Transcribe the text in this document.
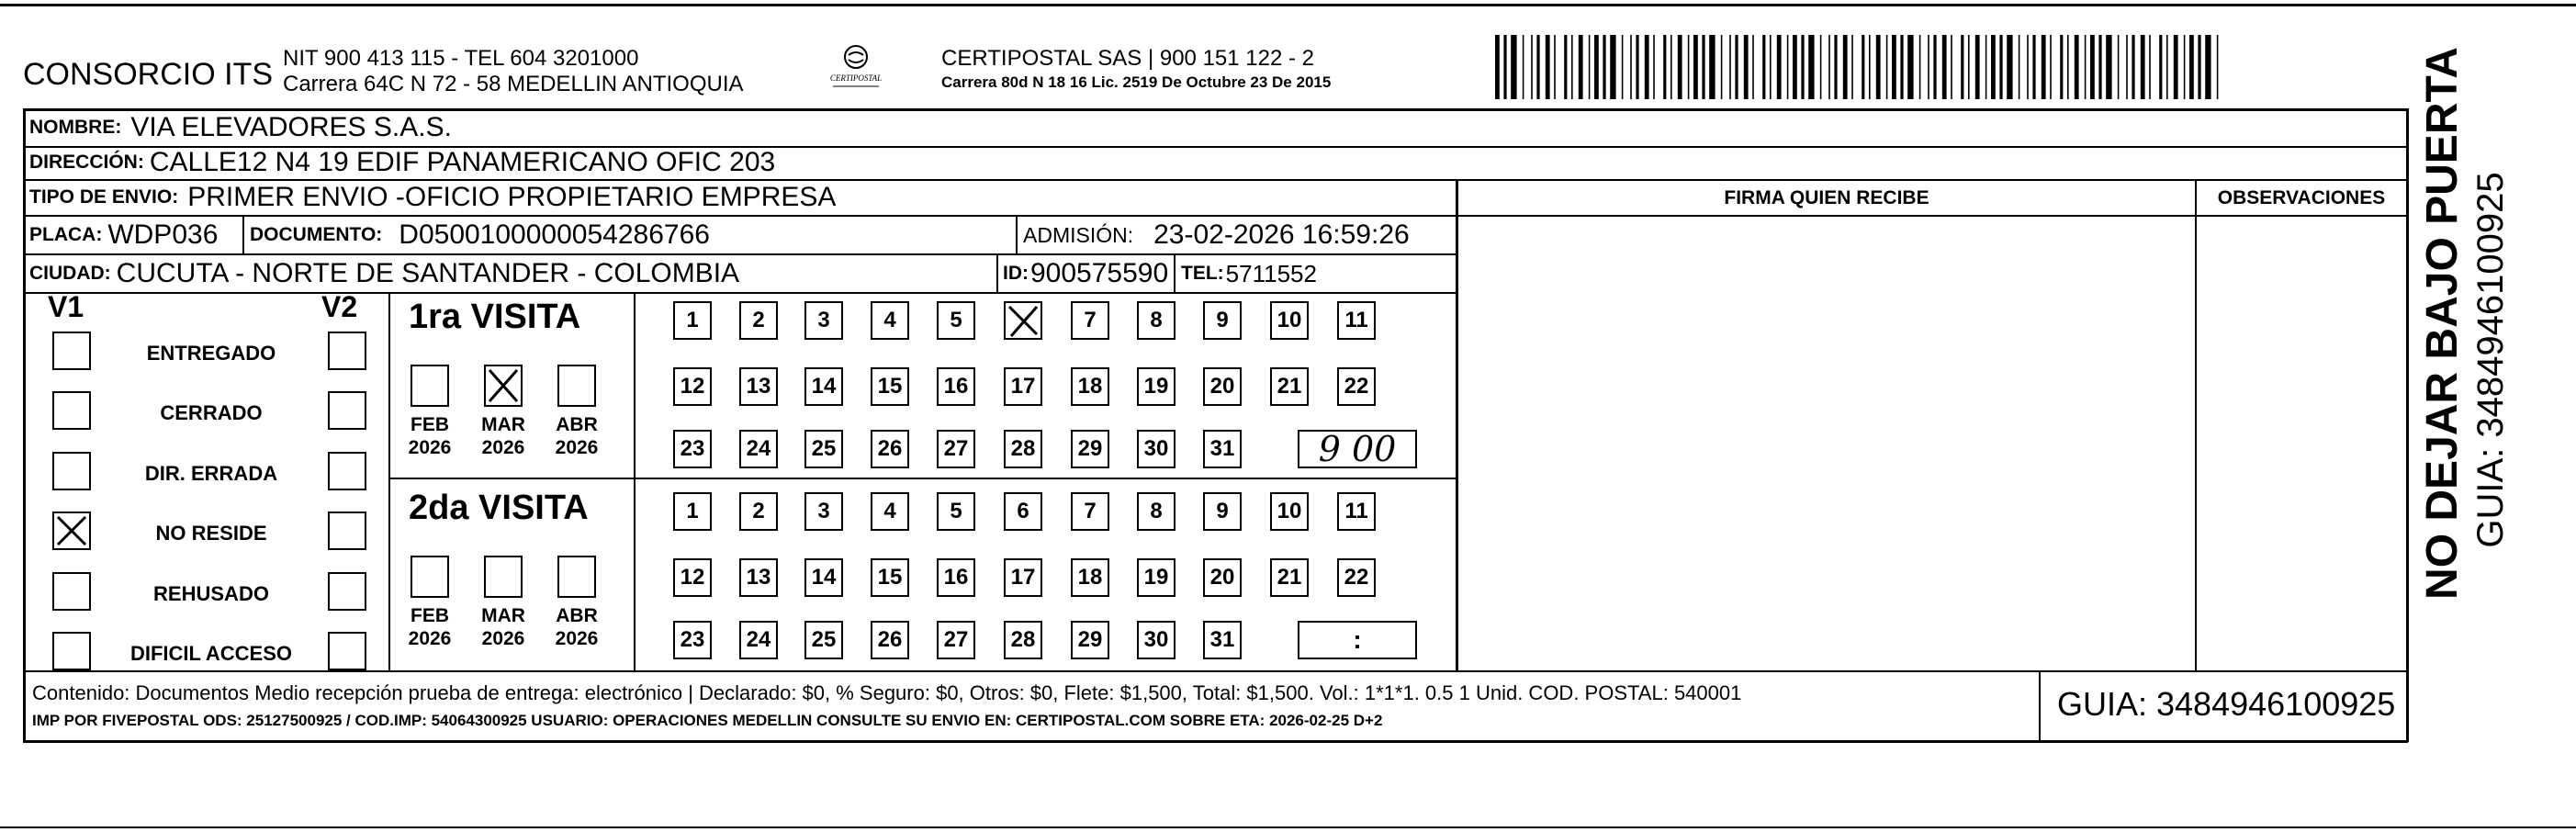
CONSORCIO ITS NIT 900 413 115 - TEL 604 3201000
Carrera 64C N 72 - 58 MEDELLIN ANTIOQUIA	CERTIPOSTAL
CERTIPOSTAL SAS | 900 151 122 - 2
Carrera 80d N 18 16 Lic. 2519 De Octubre 23 De 2015
NOMBRE: VIA ELEVADORES S.A.S.
DIRECCIÓN: CALLE12 N4 19 EDIF PANAMERICANO OFIC 203
TIPO DE ENVIO: PRIMER ENVIO -OFICIO PROPIETARIO EMPRESA	FIRMA QUIEN RECIBE	OBSERVACIONES
PLACA: WDP036 DOCUMENTO: D0500100000054286766	ADMISIÓN: 23-02-2026 16:59:26
CIUDAD: CUCUTA - NORTE DE SANTANDER - COLOMBIA	ID: 900575590 TEL: 5711552
V1	V2
ENTREGADO
CERRADO
DIR. ERRADA
NO RESIDE
REHUSADO
DIFICIL ACCESO
1ra VISITA
2da VISITA
FEB
2026
MAR
2026
ABR
2026
1	2	3	4	5	7	8	9	10	11
12	13	14	15	16	17	18	19	20	21	22
23	24	25	26	27	28	29	30	31	9 00
FEB
2026
MAR
2026
ABR
2026
1	2	3	4	5	6	7	8	9	10	11
12	13	14	15	16	17	18	19	20	21	22
23	24	25	26	27	28	29	30	31	:
Contenido: Documentos Medio recepción prueba de entrega: electrónico | Declarado: $0, % Seguro: $0, Otros: $0, Flete: $1,500, Total: $1,500. Vol.: 1*1*1. 0.5 1 Unid. COD. POSTAL: 540001
IMP POR FIVEPOSTAL ODS: 25127500925 / COD.IMP: 54064300925 USUARIO: OPERACIONES MEDELLIN CONSULTE SU ENVIO EN: CERTIPOSTAL.COM SOBRE ETA: 2026-02-25 D+2	GUIA: 3484946100925
NO DEJAR BAJO PUERTA GUIA: 3484946100925
